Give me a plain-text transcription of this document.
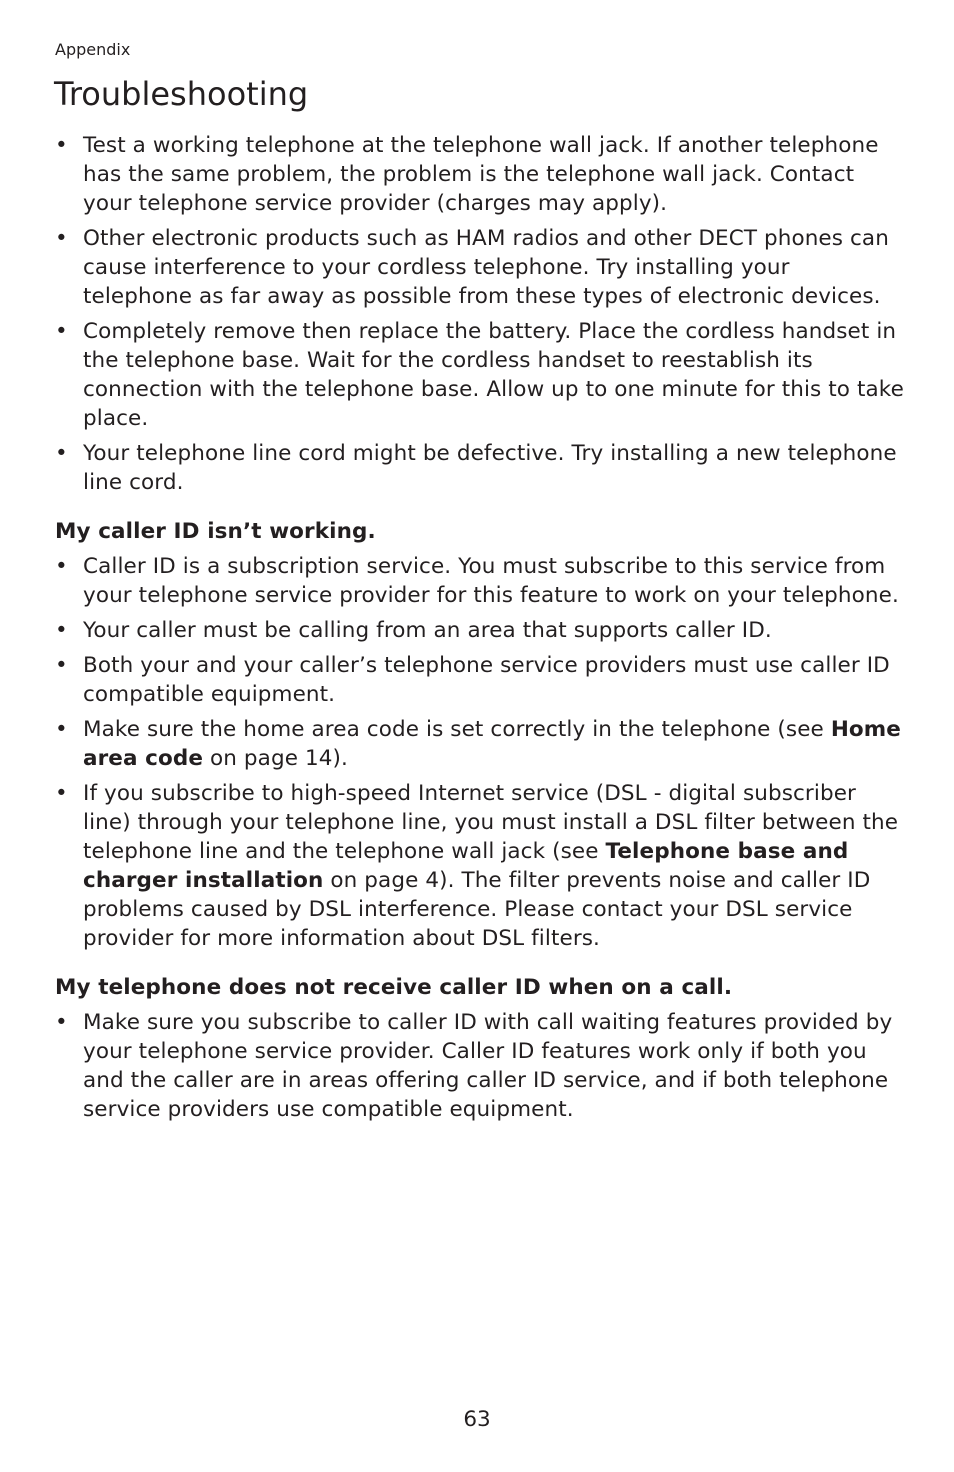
Appendix
Troubleshooting
• Test a working telephone at the telephone wall jack. If another telephone has the same problem, the problem is the telephone wall jack. Contact your telephone service provider (charges may apply).
• Other electronic products such as HAM radios and other DECT phones can cause interference to your cordless telephone. Try installing your telephone as far away as possible from these types of electronic devices.
• Completely remove then replace the battery. Place the cordless handset in the telephone base. Wait for the cordless handset to reestablish its connection with the telephone base. Allow up to one minute for this to take place.
• Your telephone line cord might be defective. Try installing a new telephone line cord.
My caller ID isn’t working.
• Caller ID is a subscription service. You must subscribe to this service from your telephone service provider for this feature to work on your telephone.
• Your caller must be calling from an area that supports caller ID.
• Both your and your caller’s telephone service providers must use caller ID compatible equipment.
• Make sure the home area code is set correctly in the telephone (see Home area code on page 14).
• If you subscribe to high-speed Internet service (DSL - digital subscriber line) through your telephone line, you must install a DSL filter between the telephone line and the telephone wall jack (see Telephone base and charger installation on page 4). The filter prevents noise and caller ID problems caused by DSL interference. Please contact your DSL service provider for more information about DSL filters.
My telephone does not receive caller ID when on a call.
• Make sure you subscribe to caller ID with call waiting features provided by your telephone service provider. Caller ID features work only if both you and the caller are in areas offering caller ID service, and if both telephone service providers use compatible equipment.
63
